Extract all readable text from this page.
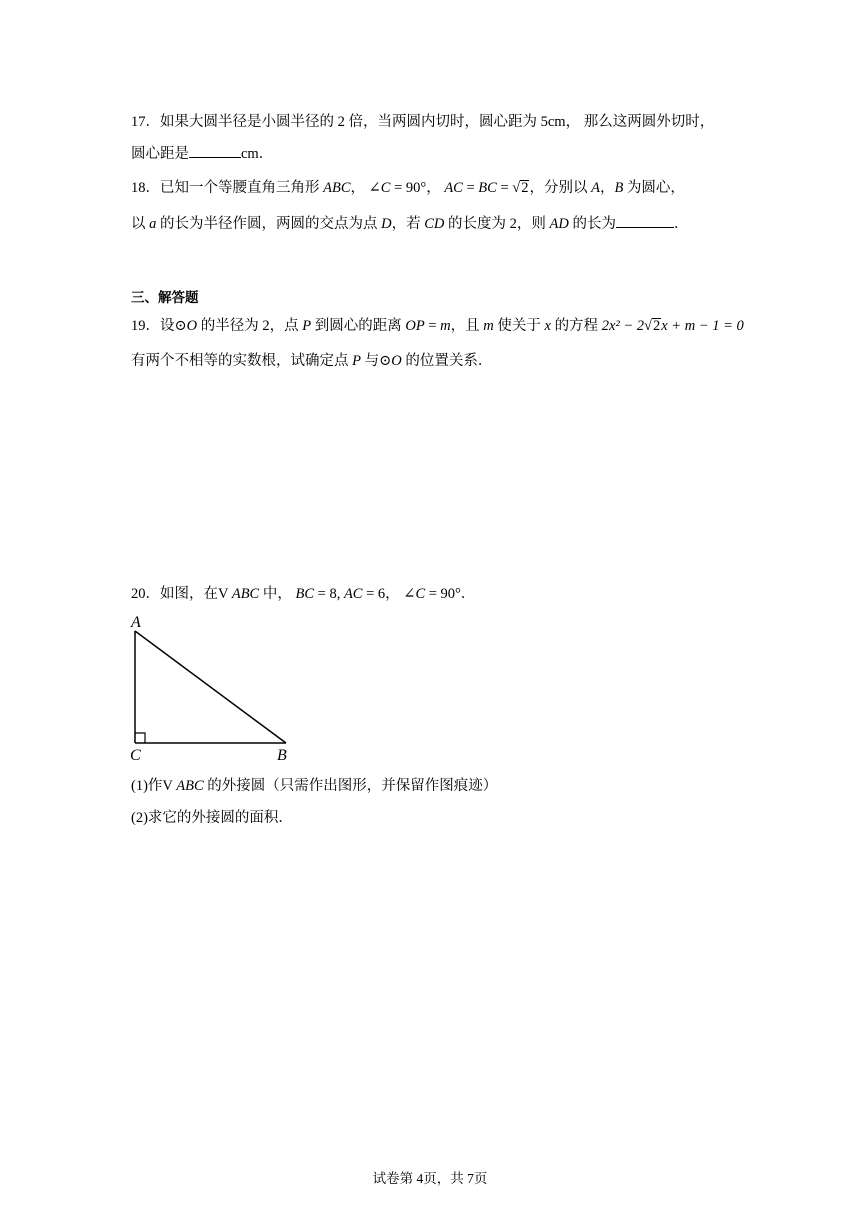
17．如果大圆半径是小圆半径的 2 倍，当两圆内切时，圆心距为 5cm， 那么这两圆外切时，
圆心距是	cm．
18．已知一个等腰直角三角形 ABC， ∠C = 90°， AC = BC = √2，分别以 A，B 为圆心，
以 a 的长为半径作圆，两圆的交点为点 D，若 CD 的长度为 2，则 AD 的长为	．
三、解答题
19．设⊙O 的半径为 2，点 P 到圆心的距离 OP = m，且 m 使关于 x 的方程 2x² − 2√2x + m − 1 = 0
有两个不相等的实数根，试确定点 P 与⊙O 的位置关系．
20．如图，在V ABC 中， BC = 8, AC = 6， ∠C = 90°．
A
C	B
(1)作V ABC 的外接圆（只需作出图形，并保留作图痕迹）
(2)求它的外接圆的面积．
试卷第 4页，共 7页
